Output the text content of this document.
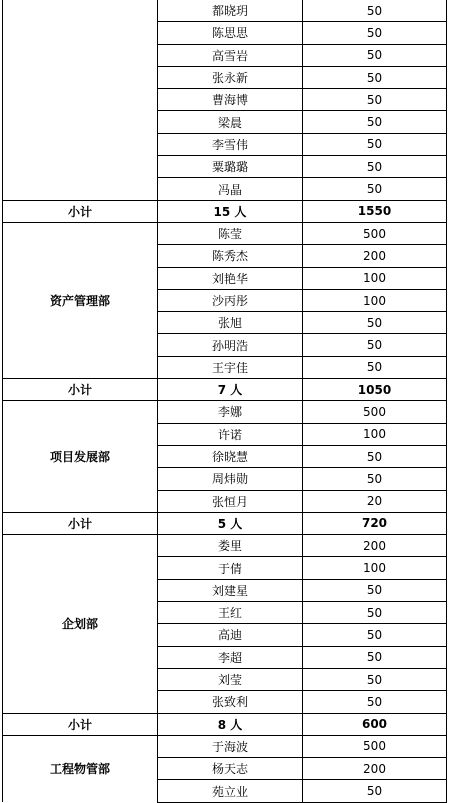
	都晓玥	50
	陈思思	50
	高雪岩	50
	张永新	50
	曹海博	50
	梁晨	50
	李雪伟	50
	粟璐璐	50
	冯晶	50
小计	15 人	1550
资产管理部	陈莹	500
	陈秀杰	200
	刘艳华	100
	沙丙彤	100
	张旭	50
	孙明浩	50
	王宇佳	50
小计	7 人	1050
项目发展部	李娜	500
	许诺	100
	徐晓慧	50
	周炜勋	50
	张恒月	20
小计	5 人	720
企划部	娄里	200
	于倩	100
	刘建星	50
	王红	50
	高迪	50
	李超	50
	刘莹	50
	张致利	50
小计	8 人	600
工程物管部	于海波	500
	杨天志	200
	苑立业	50
